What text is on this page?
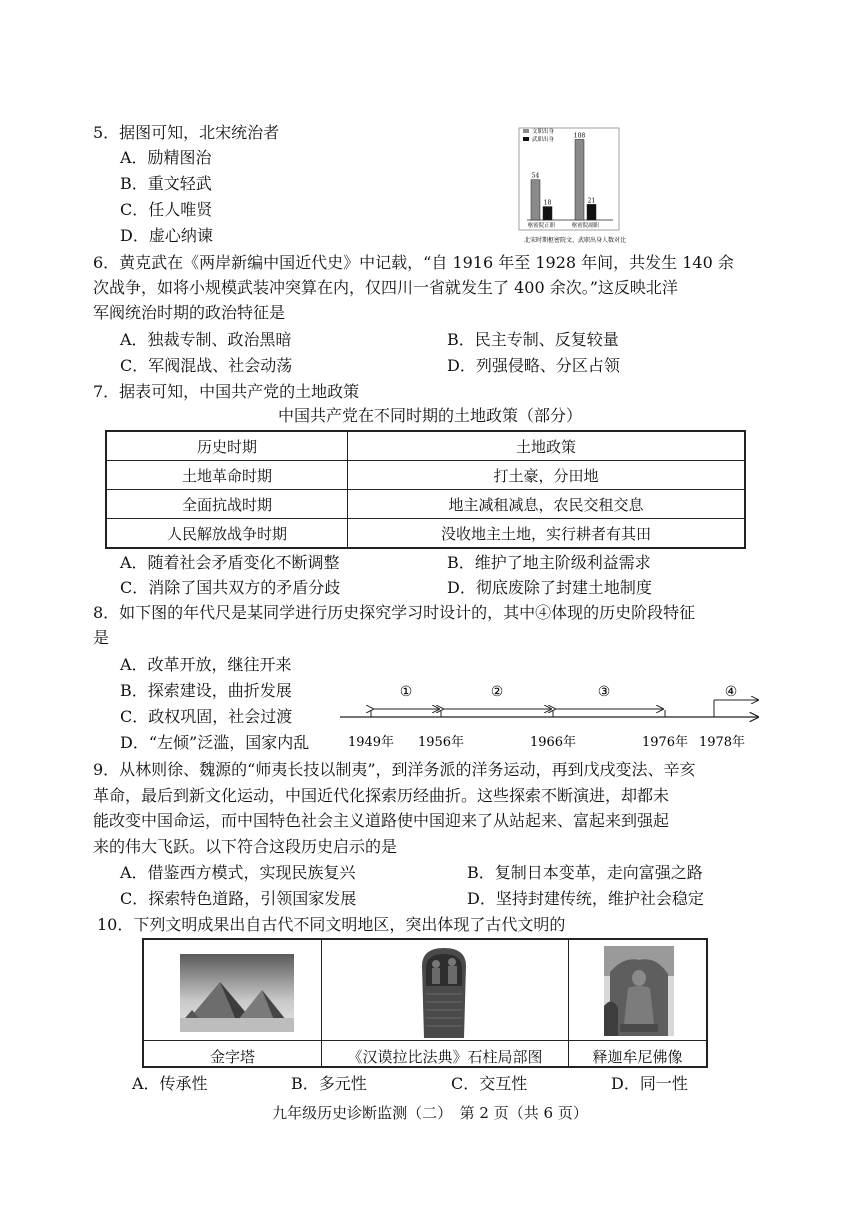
5．据图可知，北宋统治者
A．励精图治
B．重文轻武
C．任人唯贤
D．虚心纳谏
文职出身
武职出身
54
18
枢密院正职
108
21
枢密院副职
北宋时期枢密院文、武职出身人数对比
6．黄克武在《两岸新编中国近代史》中记载，“自 1916 年至 1928 年间，共发生 140 余
次战争，如将小规模武装冲突算在内，仅四川一省就发生了 400 余次。”这反映北洋
军阀统治时期的政治特征是
A．独裁专制、政治黑暗	B．民主专制、反复较量
C．军阀混战、社会动荡	D．列强侵略、分区占领
7．据表可知，中国共产党的土地政策
中国共产党在不同时期的土地政策（部分）
历史时期	土地政策
土地革命时期	打土豪，分田地
全面抗战时期	地主减租减息，农民交租交息
人民解放战争时期	没收地主土地，实行耕者有其田
A．随着社会矛盾变化不断调整	B．维护了地主阶级利益需求
C．消除了国共双方的矛盾分歧	D．彻底废除了封建土地制度
8．如下图的年代尺是某同学进行历史探究学习时设计的，其中④体现的历史阶段特征
是
A．改革开放，继往开来
B．探索建设，曲折发展
C．政权巩固，社会过渡
D．“左倾”泛滥，国家内乱
①	②	③	④
1949年 1956年	1966年	1976年 1978年
9．从林则徐、魏源的“师夷长技以制夷”，到洋务派的洋务运动，再到戊戌变法、辛亥
革命，最后到新文化运动，中国近代化探索历经曲折。这些探索不断演进，却都未
能改变中国命运，而中国特色社会主义道路使中国迎来了从站起来、富起来到强起
来的伟大飞跃。以下符合这段历史启示的是
A．借鉴西方模式，实现民族复兴	B．复制日本变革，走向富强之路
C．探索特色道路，引领国家发展	D．坚持封建传统，维护社会稳定
10．下列文明成果出自古代不同文明地区，突出体现了古代文明的
金字塔	《汉谟拉比法典》石柱局部图	释迦牟尼佛像
A．传承性	B．多元性	C．交互性	D．同一性
九年级历史诊断监测（二）　第 2 页（共 6 页）
